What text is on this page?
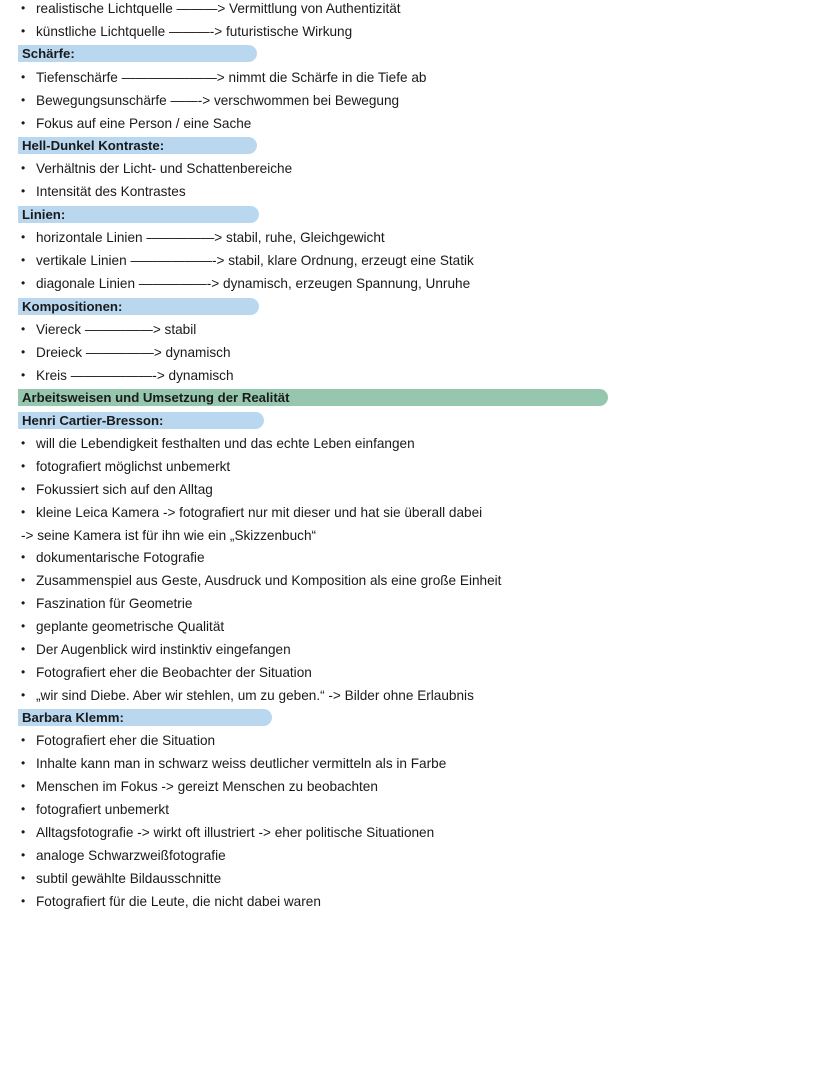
• realistische Lichtquelle ———> Vermittlung von Authentizität
• künstliche Lichtquelle ———-> futuristische Wirkung
Schärfe:
• Tiefenschärfe ———————> nimmt die Schärfe in die Tiefe ab
• Bewegungsunschärfe ——-> verschwommen bei Bewegung
• Fokus auf eine Person / eine Sache
Hell-Dunkel Kontraste:
• Verhältnis der Licht- und Schattenbereiche
• Intensität des Kontrastes
Linien:
• horizontale Linien —————> stabil, ruhe, Gleichgewicht
• vertikale Linien ——————-> stabil, klare Ordnung, erzeugt eine Statik
• diagonale Linien —————-> dynamisch, erzeugen Spannung, Unruhe
Kompositionen:
• Viereck —————> stabil
• Dreieck —————> dynamisch
• Kreis ——————-> dynamisch
Arbeitsweisen und Umsetzung der Realität
Henri Cartier-Bresson:
• will die Lebendigkeit festhalten und das echte Leben einfangen
• fotografiert möglichst unbemerkt
• Fokussiert sich auf den Alltag
• kleine Leica Kamera -> fotografiert nur mit dieser und hat sie überall dabei
-> seine Kamera ist für ihn wie ein „Skizzenbuch“
• dokumentarische Fotografie
• Zusammenspiel aus Geste, Ausdruck und Komposition als eine große Einheit
• Faszination für Geometrie
• geplante geometrische Qualität
• Der Augenblick wird instinktiv eingefangen
• Fotografiert eher die Beobachter der Situation
• „wir sind Diebe. Aber wir stehlen, um zu geben.“ -> Bilder ohne Erlaubnis
Barbara Klemm:
• Fotografiert eher die Situation
• Inhalte kann man in schwarz weiss deutlicher vermitteln als in Farbe
• Menschen im Fokus -> gereizt Menschen zu beobachten
• fotografiert unbemerkt
• Alltagsfotografie -> wirkt oft illustriert -> eher politische Situationen
• analoge Schwarzweißfotografie
• subtil gewählte Bildausschnitte
• Fotografiert für die Leute, die nicht dabei waren
